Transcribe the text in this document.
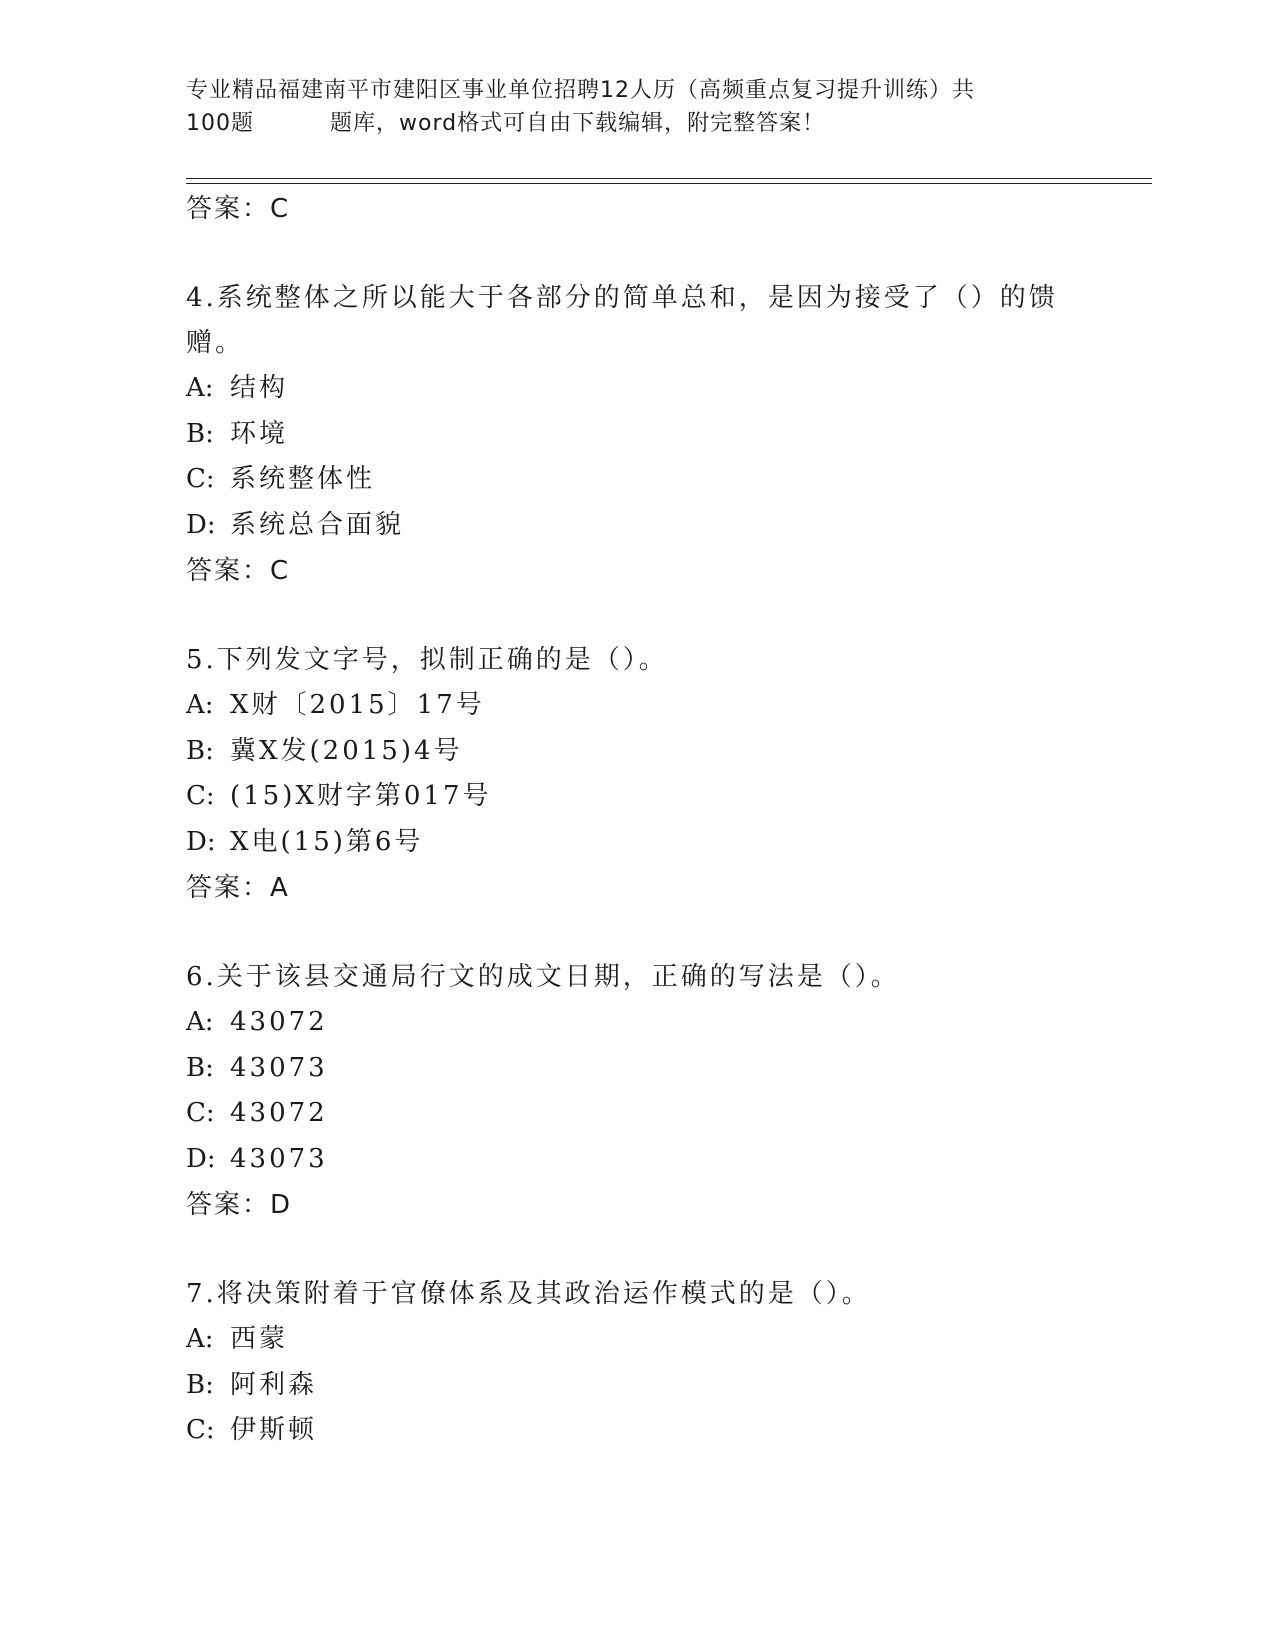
专业精品福建南平市建阳区事业单位招聘12人历（高频重点复习提升训练）共
100题	题库，word格式可自由下载编辑，附完整答案！
答案：C
4.系统整体之所以能大于各部分的简单总和，是因为接受了（）的馈赠。
A: 结构
B: 环境
C: 系统整体性
D: 系统总合面貌
答案：C
5.下列发文字号，拟制正确的是（）。
A: X财〔2015〕17号
B: 冀X发(2015)4号
C: (15)X财字第017号
D: X电(15)第6号
答案：A
6.关于该县交通局行文的成文日期，正确的写法是（）。
A: 43072
B: 43073
C: 43072
D: 43073
答案：D
7.将决策附着于官僚体系及其政治运作模式的是（）。
A: 西蒙
B: 阿利森
C: 伊斯顿
